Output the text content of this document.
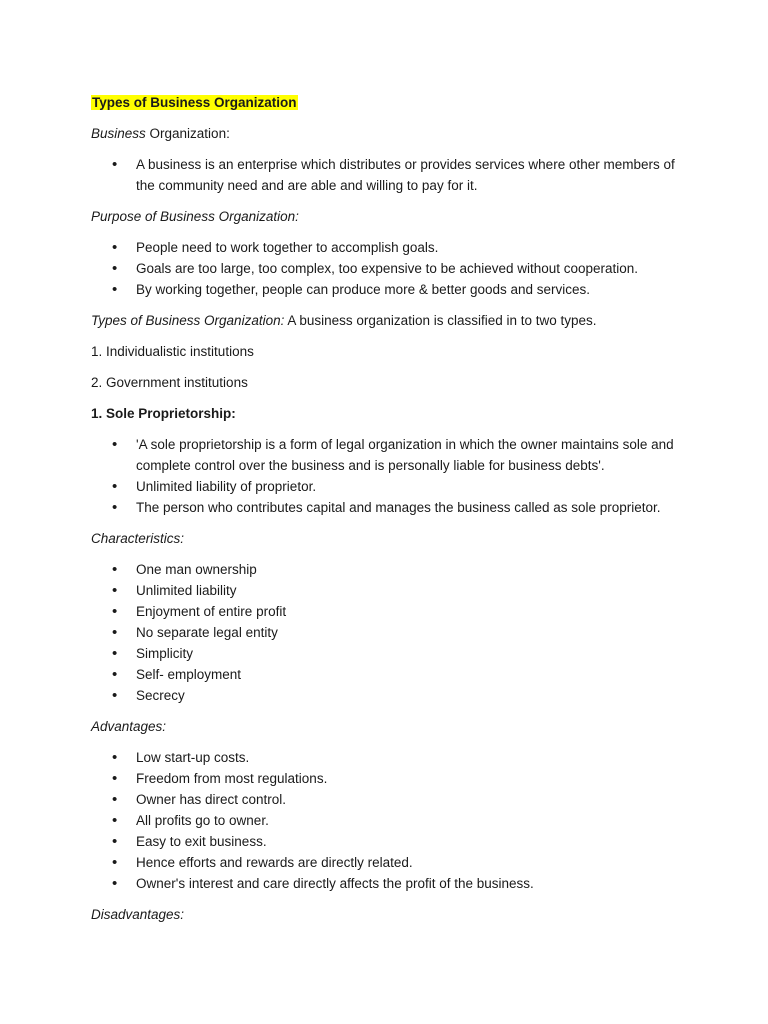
Types of Business Organization

Business Organization:

• A business is an enterprise which distributes or provides services where other members of the community need and are able and willing to pay for it.

Purpose of Business Organization:

• People need to work together to accomplish goals.
• Goals are too large, too complex, too expensive to be achieved without cooperation.
• By working together, people can produce more & better goods and services.

Types of Business Organization: A business organization is classified in to two types.

1. Individualistic institutions

2. Government institutions

1. Sole Proprietorship:

• 'A sole proprietorship is a form of legal organization in which the owner maintains sole and complete control over the business and is personally liable for business debts'.
• Unlimited liability of proprietor.
• The person who contributes capital and manages the business called as sole proprietor.

Characteristics:

• One man ownership
• Unlimited liability
• Enjoyment of entire profit
• No separate legal entity
• Simplicity
• Self- employment
• Secrecy

Advantages:

• Low start-up costs.
• Freedom from most regulations.
• Owner has direct control.
• All profits go to owner.
• Easy to exit business.
• Hence efforts and rewards are directly related.
• Owner's interest and care directly affects the profit of the business.

Disadvantages:
